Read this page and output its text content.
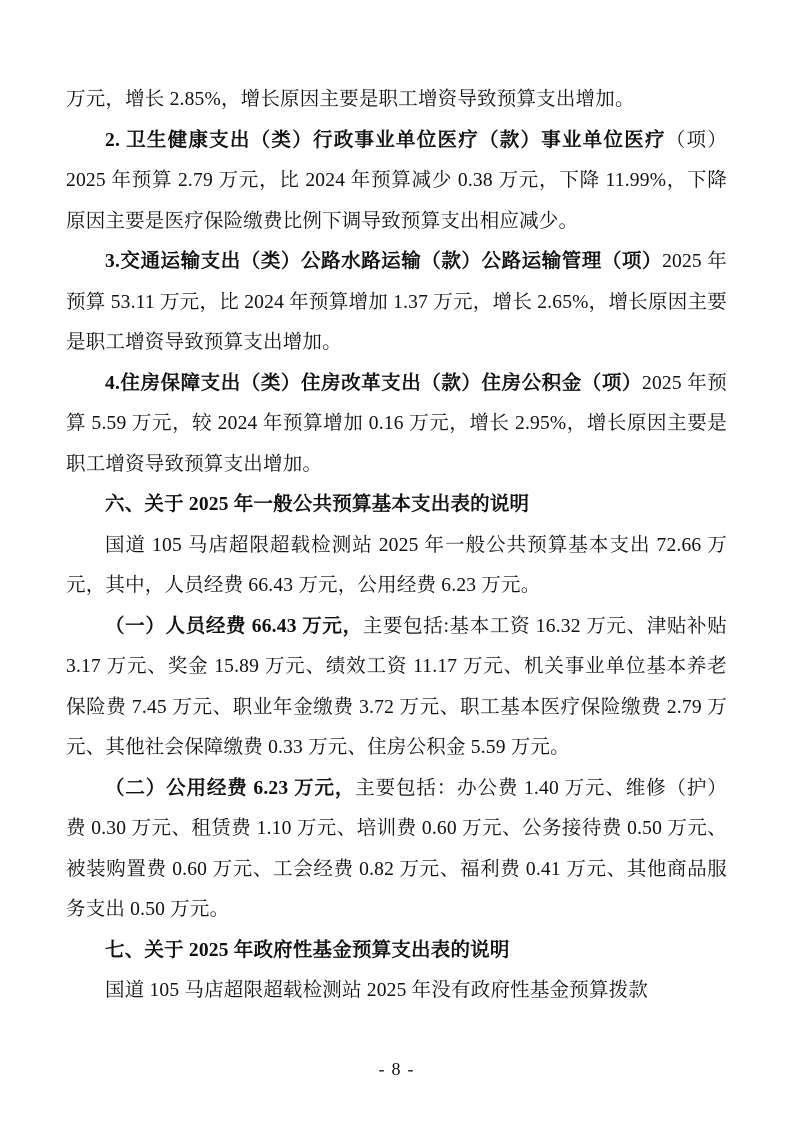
万元，增长 2.85%，增长原因主要是职工增资导致预算支出增加。

2. 卫生健康支出（类）行政事业单位医疗（款）事业单位医疗（项）2025 年预算 2.79 万元，比 2024 年预算减少 0.38 万元，下降 11.99%，下降原因主要是医疗保险缴费比例下调导致预算支出相应减少。

3.交通运输支出（类）公路水路运输（款）公路运输管理（项）2025 年预算 53.11 万元，比 2024 年预算增加 1.37 万元，增长 2.65%，增长原因主要是职工增资导致预算支出增加。

4.住房保障支出（类）住房改革支出（款）住房公积金（项）2025 年预算 5.59 万元，较 2024 年预算增加 0.16 万元，增长 2.95%，增长原因主要是职工增资导致预算支出增加。

六、关于 2025 年一般公共预算基本支出表的说明

国道 105 马店超限超载检测站 2025 年一般公共预算基本支出 72.66 万元，其中，人员经费 66.43 万元，公用经费 6.23 万元。

（一）人员经费 66.43 万元，主要包括:基本工资 16.32 万元、津贴补贴 3.17 万元、奖金 15.89 万元、绩效工资 11.17 万元、机关事业单位基本养老保险费 7.45 万元、职业年金缴费 3.72 万元、职工基本医疗保险缴费 2.79 万元、其他社会保障缴费 0.33 万元、住房公积金 5.59 万元。

（二）公用经费 6.23 万元，主要包括：办公费 1.40 万元、维修（护）费 0.30 万元、租赁费 1.10 万元、培训费 0.60 万元、公务接待费 0.50 万元、被装购置费 0.60 万元、工会经费 0.82 万元、福利费 0.41 万元、其他商品服务支出 0.50 万元。

七、关于 2025 年政府性基金预算支出表的说明

国道 105 马店超限超载检测站 2025 年没有政府性基金预算拨款

- 8 -
